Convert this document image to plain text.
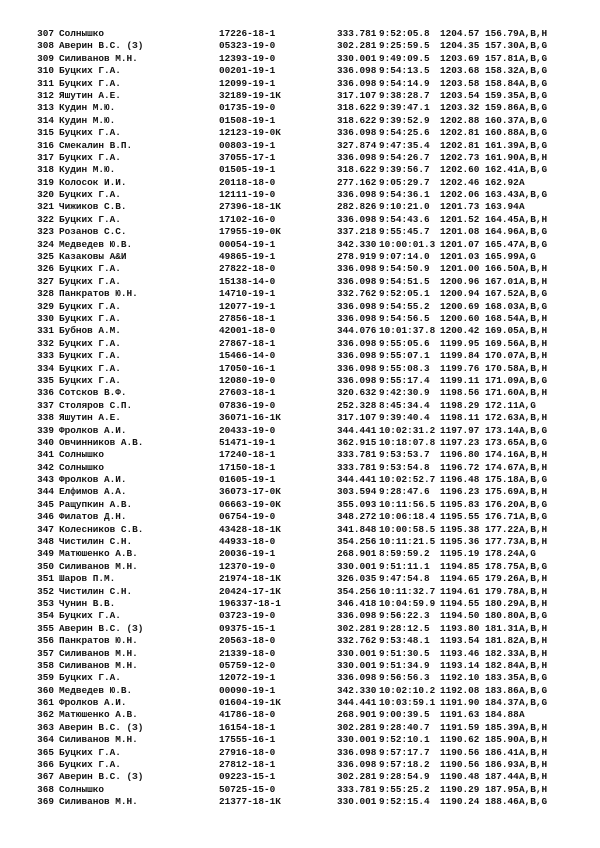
307 Солнышко	17226-18-1	333.781 9:52:05.8 1204.57 156.79 A,B,H
308 Аверин В.С. (З)	05323-19-0	302.281 9:25:59.5 1204.35 157.30 A,B,G
309 Силиванов М.Н.	12393-19-0	330.001 9:49:09.5 1203.69 157.81 A,B,G
310 Буцких Г.А.	00201-19-1	336.098 9:54:13.5 1203.68 158.32 A,B,G
311 Буцких Г.А.	12099-19-1	336.098 9:54:14.9 1203.58 158.84 A,B,G
312 Яшутин А.Е.	32189-19-1К	317.107 9:38:28.7 1203.54 159.35 A,B,G
313 Кудин М.Ю.	01735-19-0	318.622 9:39:47.1 1203.32 159.86 A,B,G
314 Кудин М.Ю.	01508-19-1	318.622 9:39:52.9 1202.88 160.37 A,B,G
315 Буцких Г.А.	12123-19-0К	336.098 9:54:25.6 1202.81 160.88 A,B,G
316 Смекалин В.П.	00803-19-1	327.874 9:47:35.4 1202.81 161.39 A,B,G
317 Буцких Г.А.	37055-17-1	336.098 9:54:26.7 1202.73 161.90 A,B,H
318 Кудин М.Ю.	01505-19-1	318.622 9:39:56.7 1202.60 162.41 A,B,G
319 Колосок И.И.	20118-18-0	277.162 9:05:29.7 1202.46 162.92 A
320 Буцких Г.А.	12111-19-0	336.098 9:54:36.1 1202.06 163.43 A,B,G
321 Чижиков С.В.	27396-18-1К	282.826 9:10:21.0 1201.73 163.94 A
322 Буцких Г.А.	17102-16-0	336.098 9:54:43.6 1201.52 164.45 A,B,H
323 Розанов С.С.	17955-19-0К	337.218 9:55:45.7 1201.08 164.96 A,B,G
324 Медведев Ю.В.	00054-19-1	342.330 10:00:01.3 1201.07 165.47 A,B,G
325 Казаковы А&И	49865-19-1	278.919 9:07:14.0 1201.03 165.99 A,G
326 Буцких Г.А.	27822-18-0	336.098 9:54:50.9 1201.00 166.50 A,B,H
327 Буцких Г.А.	15138-14-0	336.098 9:54:51.5 1200.96 167.01 A,B,H
328 Панкратов Ю.Н.	14710-19-1	332.762 9:52:05.1 1200.94 167.52 A,B,G
329 Буцких Г.А.	12077-19-1	336.098 9:54:55.2 1200.69 168.03 A,B,G
330 Буцких Г.А.	27856-18-1	336.098 9:54:56.5 1200.60 168.54 A,B,H
331 Бубнов А.М.	42001-18-0	344.076 10:01:37.8 1200.42 169.05 A,B,H
332 Буцких Г.А.	27867-18-1	336.098 9:55:05.6 1199.95 169.56 A,B,H
333 Буцких Г.А.	15466-14-0	336.098 9:55:07.1 1199.84 170.07 A,B,H
334 Буцких Г.А.	17050-16-1	336.098 9:55:08.3 1199.76 170.58 A,B,H
335 Буцких Г.А.	12080-19-0	336.098 9:55:17.4 1199.11 171.09 A,B,G
336 Сотсков В.Ф.	27603-18-1	320.632 9:42:30.9 1198.56 171.60 A,B,H
337 Столяров С.П.	07836-19-0	252.328 8:45:34.4 1198.29 172.11 A,G
338 Яшутин А.Е.	36071-16-1К	317.107 9:39:40.4 1198.11 172.63 A,B,H
339 Фролков А.И.	20433-19-0	344.441 10:02:31.2 1197.97 173.14 A,B,G
340 Овчинников А.В.	51471-19-1	362.915 10:18:07.8 1197.23 173.65 A,B,G
341 Солнышко	17240-18-1	333.781 9:53:53.7 1196.80 174.16 A,B,H
342 Солнышко	17150-18-1	333.781 9:53:54.8 1196.72 174.67 A,B,H
343 Фролков А.И.	01605-19-1	344.441 10:02:52.7 1196.48 175.18 A,B,G
344 Елфимов А.А.	36073-17-0К	303.594 9:28:47.6 1196.23 175.69 A,B,H
345 Ращупкин А.В.	06663-19-0К	355.093 10:11:56.5 1195.83 176.20 A,B,G
346 Филатов Д.Н.	06754-19-0	348.272 10:06:18.4 1195.55 176.71 A,B,G
347 Колесников С.В.	43428-18-1К	341.848 10:00:58.5 1195.38 177.22 A,B,H
348 Чистилин С.Н.	44933-18-0	354.256 10:11:21.5 1195.36 177.73 A,B,H
349 Матюшенко А.В.	20036-19-1	268.901 8:59:59.2 1195.19 178.24 A,G
350 Силиванов М.Н.	12370-19-0	330.001 9:51:11.1 1194.85 178.75 A,B,G
351 Шаров П.М.	21974-18-1К	326.035 9:47:54.8 1194.65 179.26 A,B,H
352 Чистилин С.Н.	20424-17-1К	354.256 10:11:32.7 1194.61 179.78 A,B,H
353 Чунин В.В.	196337-18-1	346.418 10:04:59.9 1194.55 180.29 A,B,H
354 Буцких Г.А.	03723-19-0	336.098 9:56:22.3 1194.50 180.80 A,B,G
355 Аверин В.С. (З)	09375-15-1	302.281 9:28:12.5 1193.80 181.31 A,B,H
356 Панкратов Ю.Н.	20563-18-0	332.762 9:53:48.1 1193.54 181.82 A,B,H
357 Силиванов М.Н.	21339-18-0	330.001 9:51:30.5 1193.46 182.33 A,B,H
358 Силиванов М.Н.	05759-12-0	330.001 9:51:34.9 1193.14 182.84 A,B,H
359 Буцких Г.А.	12072-19-1	336.098 9:56:56.3 1192.10 183.35 A,B,G
360 Медведев Ю.В.	00090-19-1	342.330 10:02:10.2 1192.08 183.86 A,B,G
361 Фролков А.И.	01604-19-1К	344.441 10:03:59.1 1191.90 184.37 A,B,G
362 Матюшенко А.В.	41786-18-0	268.901 9:00:39.5 1191.63 184.88 A
363 Аверин В.С. (З)	16154-18-1	302.281 9:28:40.7 1191.59 185.39 A,B,H
364 Силиванов М.Н.	17555-16-1	330.001 9:52:10.1 1190.62 185.90 A,B,H
365 Буцких Г.А.	27916-18-0	336.098 9:57:17.7 1190.56 186.41 A,B,H
366 Буцких Г.А.	27812-18-1	336.098 9:57:18.2 1190.56 186.93 A,B,H
367 Аверин В.С. (З)	09223-15-1	302.281 9:28:54.9 1190.48 187.44 A,B,H
368 Солнышко	50725-15-0	333.781 9:55:25.2 1190.29 187.95 A,B,H
369 Силиванов М.Н.	21377-18-1К	330.001 9:52:15.4 1190.24 188.46 A,B,G
